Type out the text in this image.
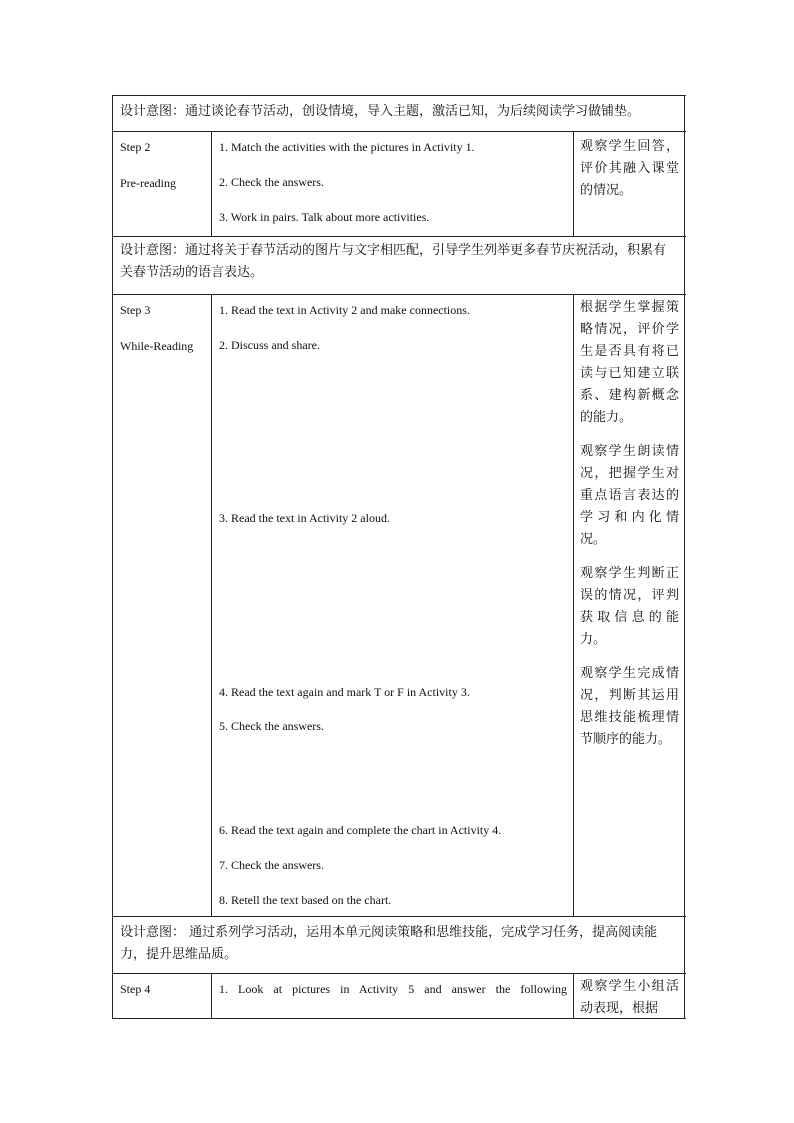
设计意图：通过谈论春节活动，创设情境，导入主题，激活已知，为后续阅读学习做铺垫。

Step 2

Pre-reading

1. Match the activities with the pictures in Activity 1.
2. Check the answers.
3. Work in pairs. Talk about more activities.

观察学生回答，评价其融入课堂的情况。

设计意图：通过将关于春节活动的图片与文字相匹配，引导学生列举更多春节庆祝活动，积累有关春节活动的语言表达。

Step 3

While-Reading

1. Read the text in Activity 2 and make connections.
2. Discuss and share.
3. Read the text in Activity 2 aloud.
4. Read the text again and mark T or F in Activity 3.
5. Check the answers.
6. Read the text again and complete the chart in Activity 4.
7. Check the answers.
8. Retell the text based on the chart.

根据学生掌握策略情况，评价学生是否具有将已读与已知建立联系、建构新概念的能力。

观察学生朗读情况，把握学生对重点语言表达的学习和内化情况。

观察学生判断正误的情况，评判获取信息的能力。

观察学生完成情况，判断其运用思维技能梳理情节顺序的能力。

设计意图： 通过系列学习活动，运用本单元阅读策略和思维技能，完成学习任务，提高阅读能力，提升思维品质。

Step 4	1. Look at pictures in Activity 5 and answer the following 观察学生小组活动表现，根据
